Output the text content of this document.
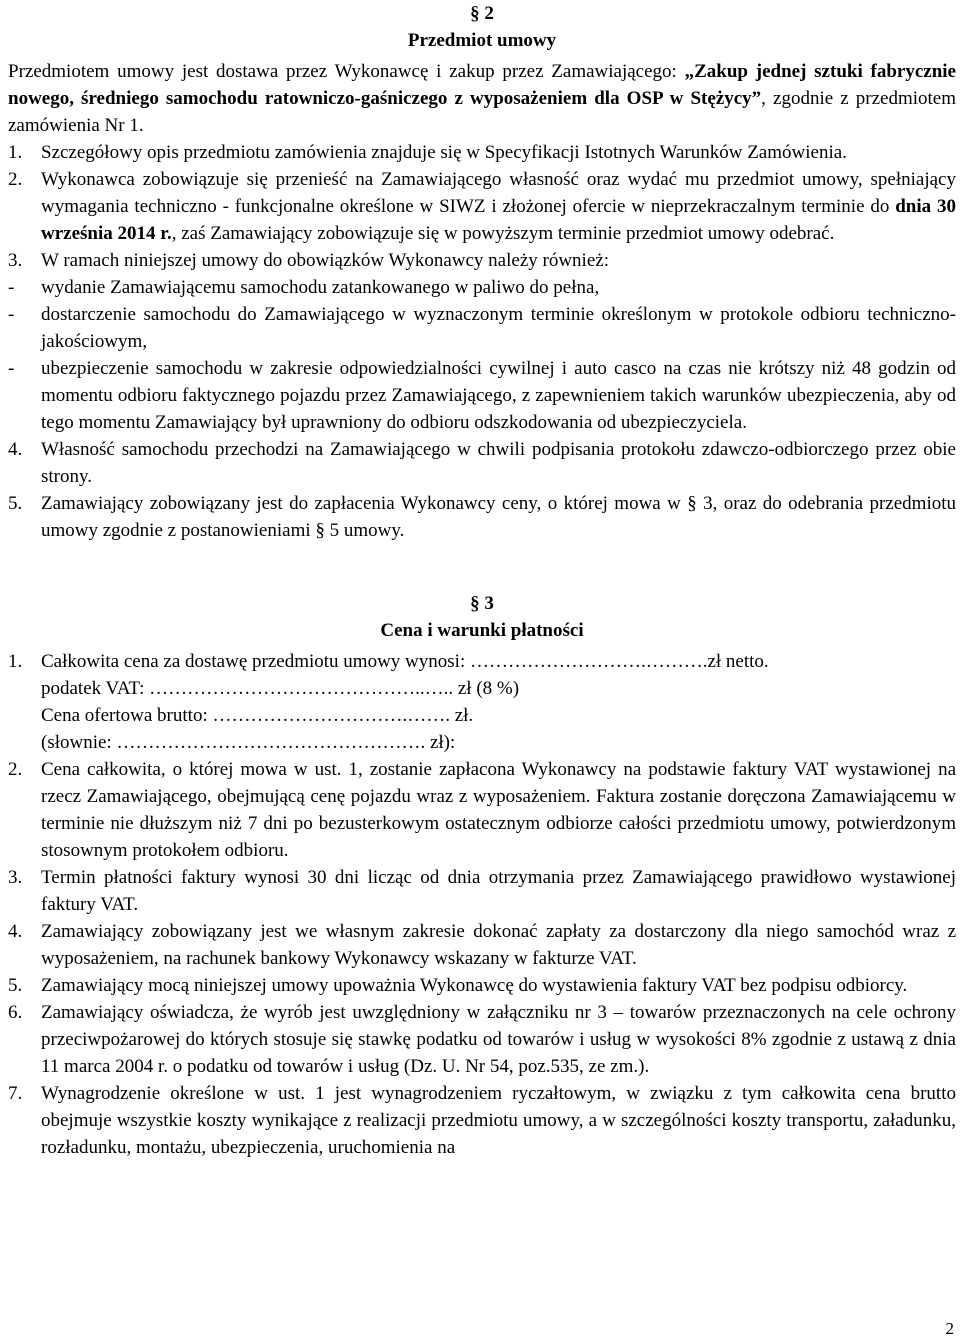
§ 2
Przedmiot umowy

Przedmiotem umowy jest dostawa przez Wykonawcę i zakup przez Zamawiającego: „Zakup jednej sztuki fabrycznie nowego, średniego samochodu ratowniczo-gaśniczego z wyposażeniem dla OSP w Stężycy”, zgodnie z przedmiotem zamówienia Nr 1.

1. Szczegółowy opis przedmiotu zamówienia znajduje się w Specyfikacji Istotnych Warunków Zamówienia.
2. Wykonawca zobowiązuje się przenieść na Zamawiającego własność oraz wydać mu przedmiot umowy, spełniający wymagania techniczno - funkcjonalne określone w SIWZ i złożonej ofercie w nieprzekraczalnym terminie do dnia 30 września 2014 r., zaś Zamawiający zobowiązuje się w powyższym terminie przedmiot umowy odebrać.
3. W ramach niniejszej umowy do obowiązków Wykonawcy należy również:
-	wydanie Zamawiającemu samochodu zatankowanego w paliwo do pełna,
-	dostarczenie samochodu do Zamawiającego w wyznaczonym terminie określonym w protokole odbioru techniczno-jakościowym,
-	ubezpieczenie samochodu w zakresie odpowiedzialności cywilnej i auto casco na czas nie krótszy niż 48 godzin od momentu odbioru faktycznego pojazdu przez Zamawiającego, z zapewnieniem takich warunków ubezpieczenia, aby od tego momentu Zamawiający był uprawniony do odbioru odszkodowania od ubezpieczyciela.
4. Własność samochodu przechodzi na Zamawiającego w chwili podpisania protokołu zdawczo-odbiorczego przez obie strony.
5. Zamawiający zobowiązany jest do zapłacenia Wykonawcy ceny, o której mowa w § 3, oraz do odebrania przedmiotu umowy zgodnie z postanowieniami § 5 umowy.
§ 3
Cena i warunki płatności
1. Całkowita cena za dostawę przedmiotu umowy wynosi: ……………………….……….zł netto.
podatek VAT: ……………………………………..….. zł (8 %)
Cena ofertowa brutto: ………………………….……. zł.
(słownie: …………………………………………. zł):
2. Cena całkowita, o której mowa w ust. 1, zostanie zapłacona Wykonawcy na podstawie faktury VAT wystawionej na rzecz Zamawiającego, obejmującą cenę pojazdu wraz z wyposażeniem. Faktura zostanie doręczona Zamawiającemu w terminie nie dłuższym niż 7 dni po bezusterkowym ostatecznym odbiorze całości przedmiotu umowy, potwierdzonym stosownym protokołem odbioru.
3. Termin płatności faktury wynosi 30 dni licząc od dnia otrzymania przez Zamawiającego prawidłowo wystawionej faktury VAT.
4. Zamawiający zobowiązany jest we własnym zakresie dokonać zapłaty za dostarczony dla niego samochód wraz z wyposażeniem, na rachunek bankowy Wykonawcy wskazany w fakturze VAT.
5. Zamawiający mocą niniejszej umowy upoważnia Wykonawcę do wystawienia faktury VAT bez podpisu odbiorcy.
6. Zamawiający oświadcza, że wyrób jest uwzględniony w załączniku nr 3 – towarów przeznaczonych na cele ochrony przeciwpożarowej do których stosuje się stawkę podatku od towarów i usług w wysokości 8% zgodnie z ustawą z dnia 11 marca 2004 r. o podatku od towarów i usług (Dz. U. Nr 54, poz.535, ze zm.).
7. Wynagrodzenie określone w ust. 1 jest wynagrodzeniem ryczałtowym, w związku z tym całkowita cena brutto obejmuje wszystkie koszty wynikające z realizacji przedmiotu umowy, a w szczególności koszty transportu, załadunku, rozładunku, montażu, ubezpieczenia, uruchomienia na
2
